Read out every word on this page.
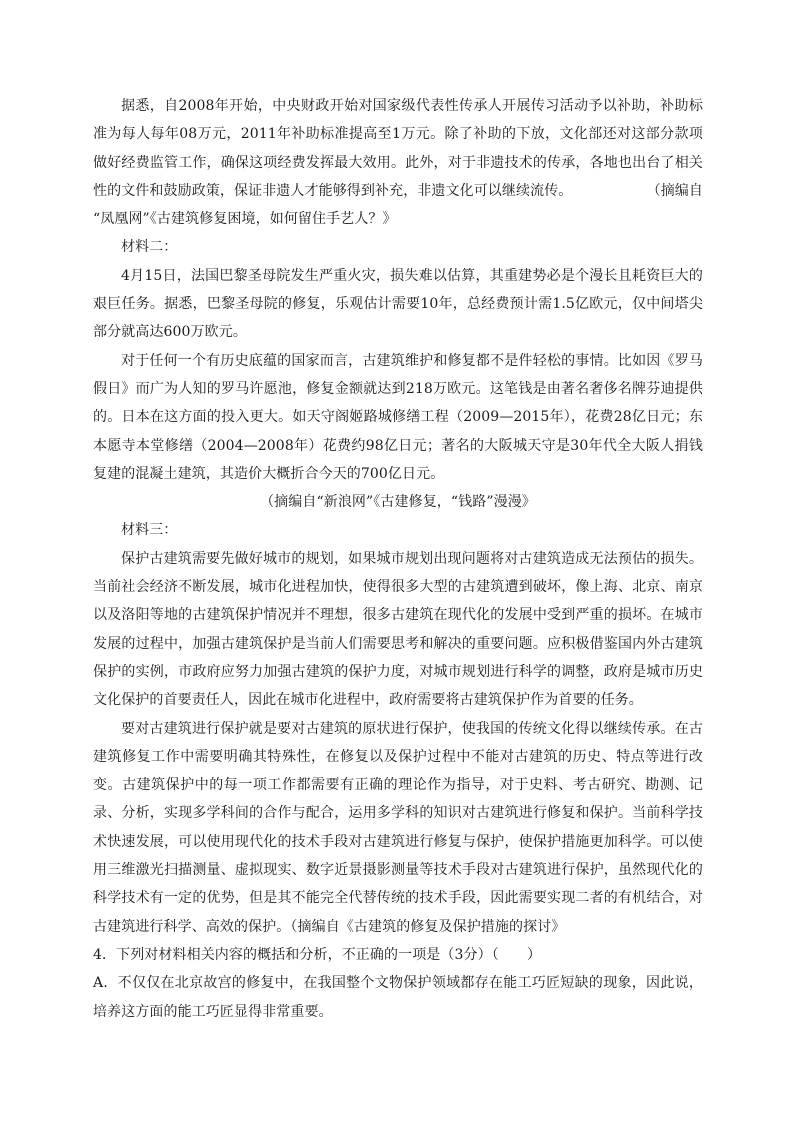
据悉，自2008年开始，中央财政开始对国家级代表性传承人开展传习活动予以补助，补助标准为每人每年08万元，2011年补助标准提高至1万元。除了补助的下放，文化部还对这部分款项做好经费监管工作，确保这项经费发挥最大效用。此外，对于非遗技术的传承，各地也出台了相关性的文件和鼓励政策，保证非遗人才能够得到补充，非遗文化可以继续流传。	（摘编自

“凤凰网”《古建筑修复困境，如何留住手艺人？》

材料二：

4月15日，法国巴黎圣母院发生严重火灾，损失难以估算，其重建势必是个漫长且耗资巨大的艰巨任务。据悉，巴黎圣母院的修复，乐观估计需要10年，总经费预计需1.5亿欧元，仅中间塔尖部分就高达600万欧元。

对于任何一个有历史底蕴的国家而言，古建筑维护和修复都不是件轻松的事情。比如因《罗马假日》而广为人知的罗马许愿池，修复金额就达到218万欧元。这笔钱是由著名奢侈名牌芬迪提供的。日本在这方面的投入更大。如天守阁姬路城修缮工程（2009—2015年），花费28亿日元；东本愿寺本堂修缮（2004—2008年）花费约98亿日元；著名的大阪城天守是30年代全大阪人捐钱复建的混凝土建筑，其造价大概折合今天的700亿日元。

（摘编自“新浪网”《古建修复，“钱路”漫漫》

材料三：

保护古建筑需要先做好城市的规划，如果城市规划出现问题将对古建筑造成无法预估的损失。当前社会经济不断发展，城市化进程加快，使得很多大型的古建筑遭到破坏，像上海、北京、南京以及洛阳等地的古建筑保护情况并不理想，很多古建筑在现代化的发展中受到严重的损坏。在城市发展的过程中，加强古建筑保护是当前人们需要思考和解决的重要问题。应积极借鉴国内外古建筑保护的实例，市政府应努力加强古建筑的保护力度，对城市规划进行科学的调整，政府是城市历史文化保护的首要责任人，因此在城市化进程中，政府需要将古建筑保护作为首要的任务。

要对古建筑进行保护就是要对古建筑的原状进行保护，使我国的传统文化得以继续传承。在古建筑修复工作中需要明确其特殊性，在修复以及保护过程中不能对古建筑的历史、特点等进行改变。古建筑保护中的每一项工作都需要有正确的理论作为指导，对于史料、考古研究、勘测、记录、分析，实现多学科间的合作与配合，运用多学科的知识对古建筑进行修复和保护。当前科学技术快速发展，可以使用现代化的技术手段对古建筑进行修复与保护，使保护措施更加科学。可以使用三维激光扫描测量、虚拟现实、数字近景摄影测量等技术手段对古建筑进行保护，虽然现代化的科学技术有一定的优势，但是其不能完全代替传统的技术手段，因此需要实现二者的有机结合，对古建筑进行科学、高效的保护。（摘编自《古建筑的修复及保护措施的探讨》

4．下列对材料相关内容的概括和分析，不正确的一项是（3分）（　　）

A．不仅仅在北京故宫的修复中，在我国整个文物保护领域都存在能工巧匠短缺的现象，因此说，培养这方面的能工巧匠显得非常重要。
